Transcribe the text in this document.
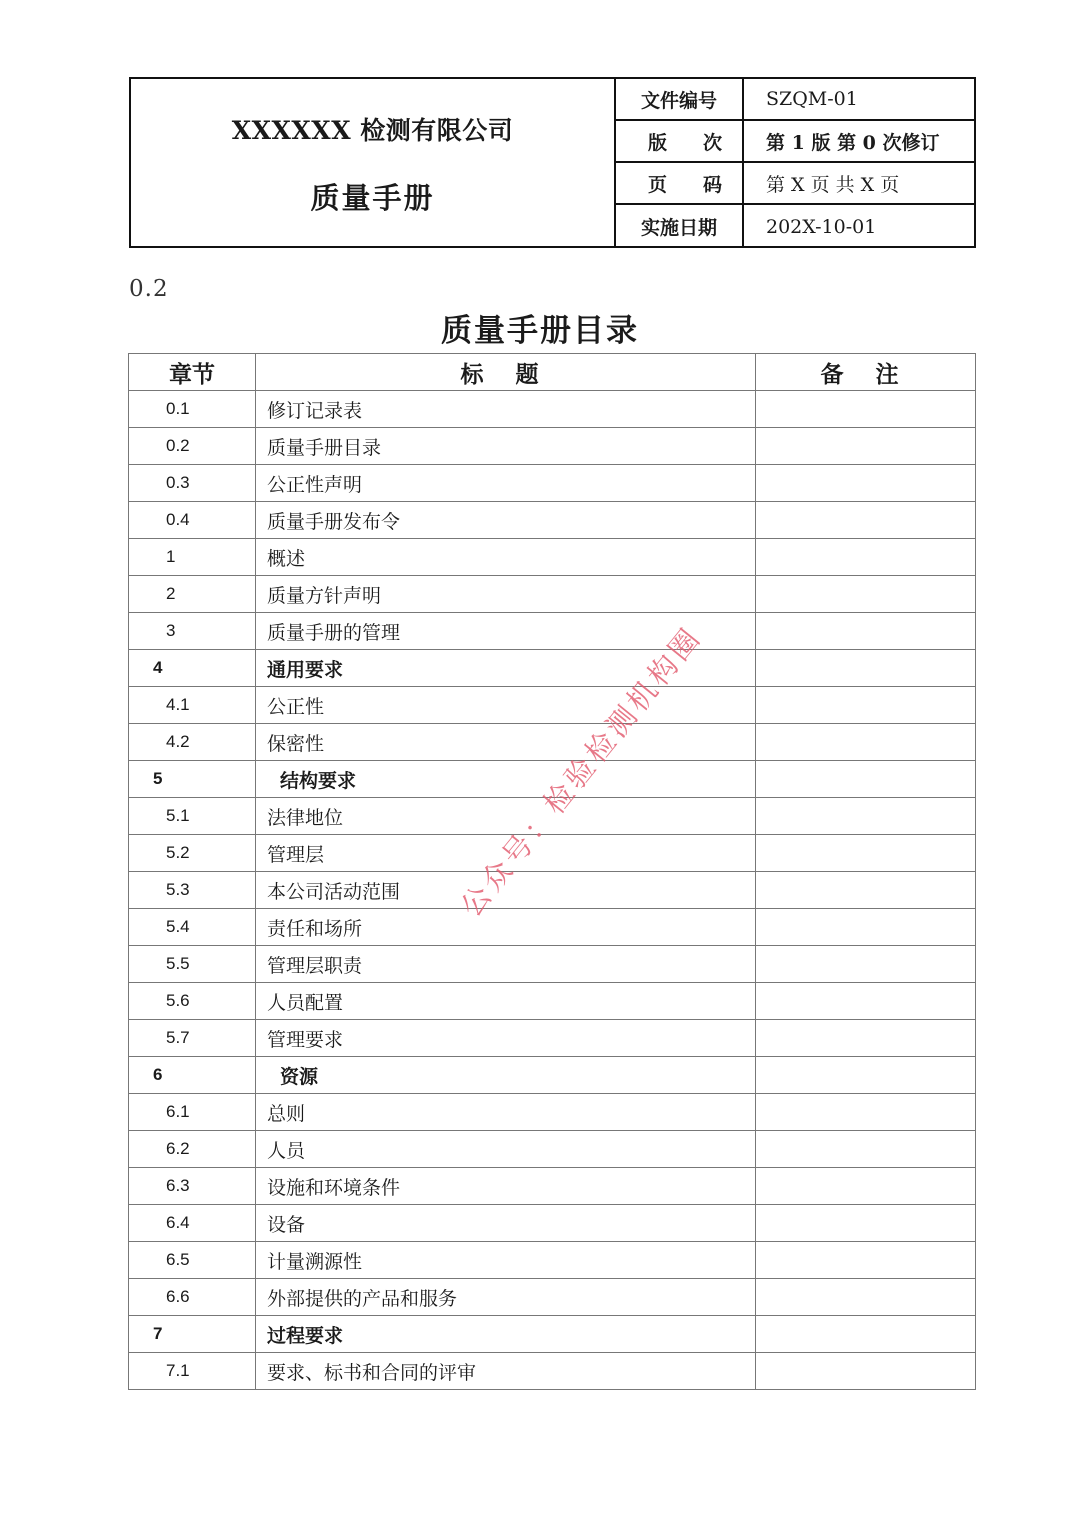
XXXXXX 检测有限公司
质量手册
文件编号	SZQM-01
版 次 第 1 版 第 0 次修订
页 码 第 X 页 共 X 页
实施日期	202X-10-01
0.2
质量手册目录
章节	标 题	备 注
0.1	修订记录表	
0.2	质量手册目录	
0.3	公正性声明	
0.4	质量手册发布令	
1	概述	
2	质量方针声明	
3	质量手册的管理	
4	通用要求	
4.1	公正性	
4.2	保密性	
5	结构要求	
5.1	法律地位	
5.2	管理层	
5.3	本公司活动范围	
5.4	责任和场所	
5.5	管理层职责	
5.6	人员配置	
5.7	管理要求	
6	资源	
6.1	总则	
6.2	人员	
6.3	设施和环境条件	
6.4	设备	
6.5	计量溯源性	
6.6	外部提供的产品和服务	
7	过程要求	
7.1	要求、标书和合同的评审	
公众号：检验检测机构圈
